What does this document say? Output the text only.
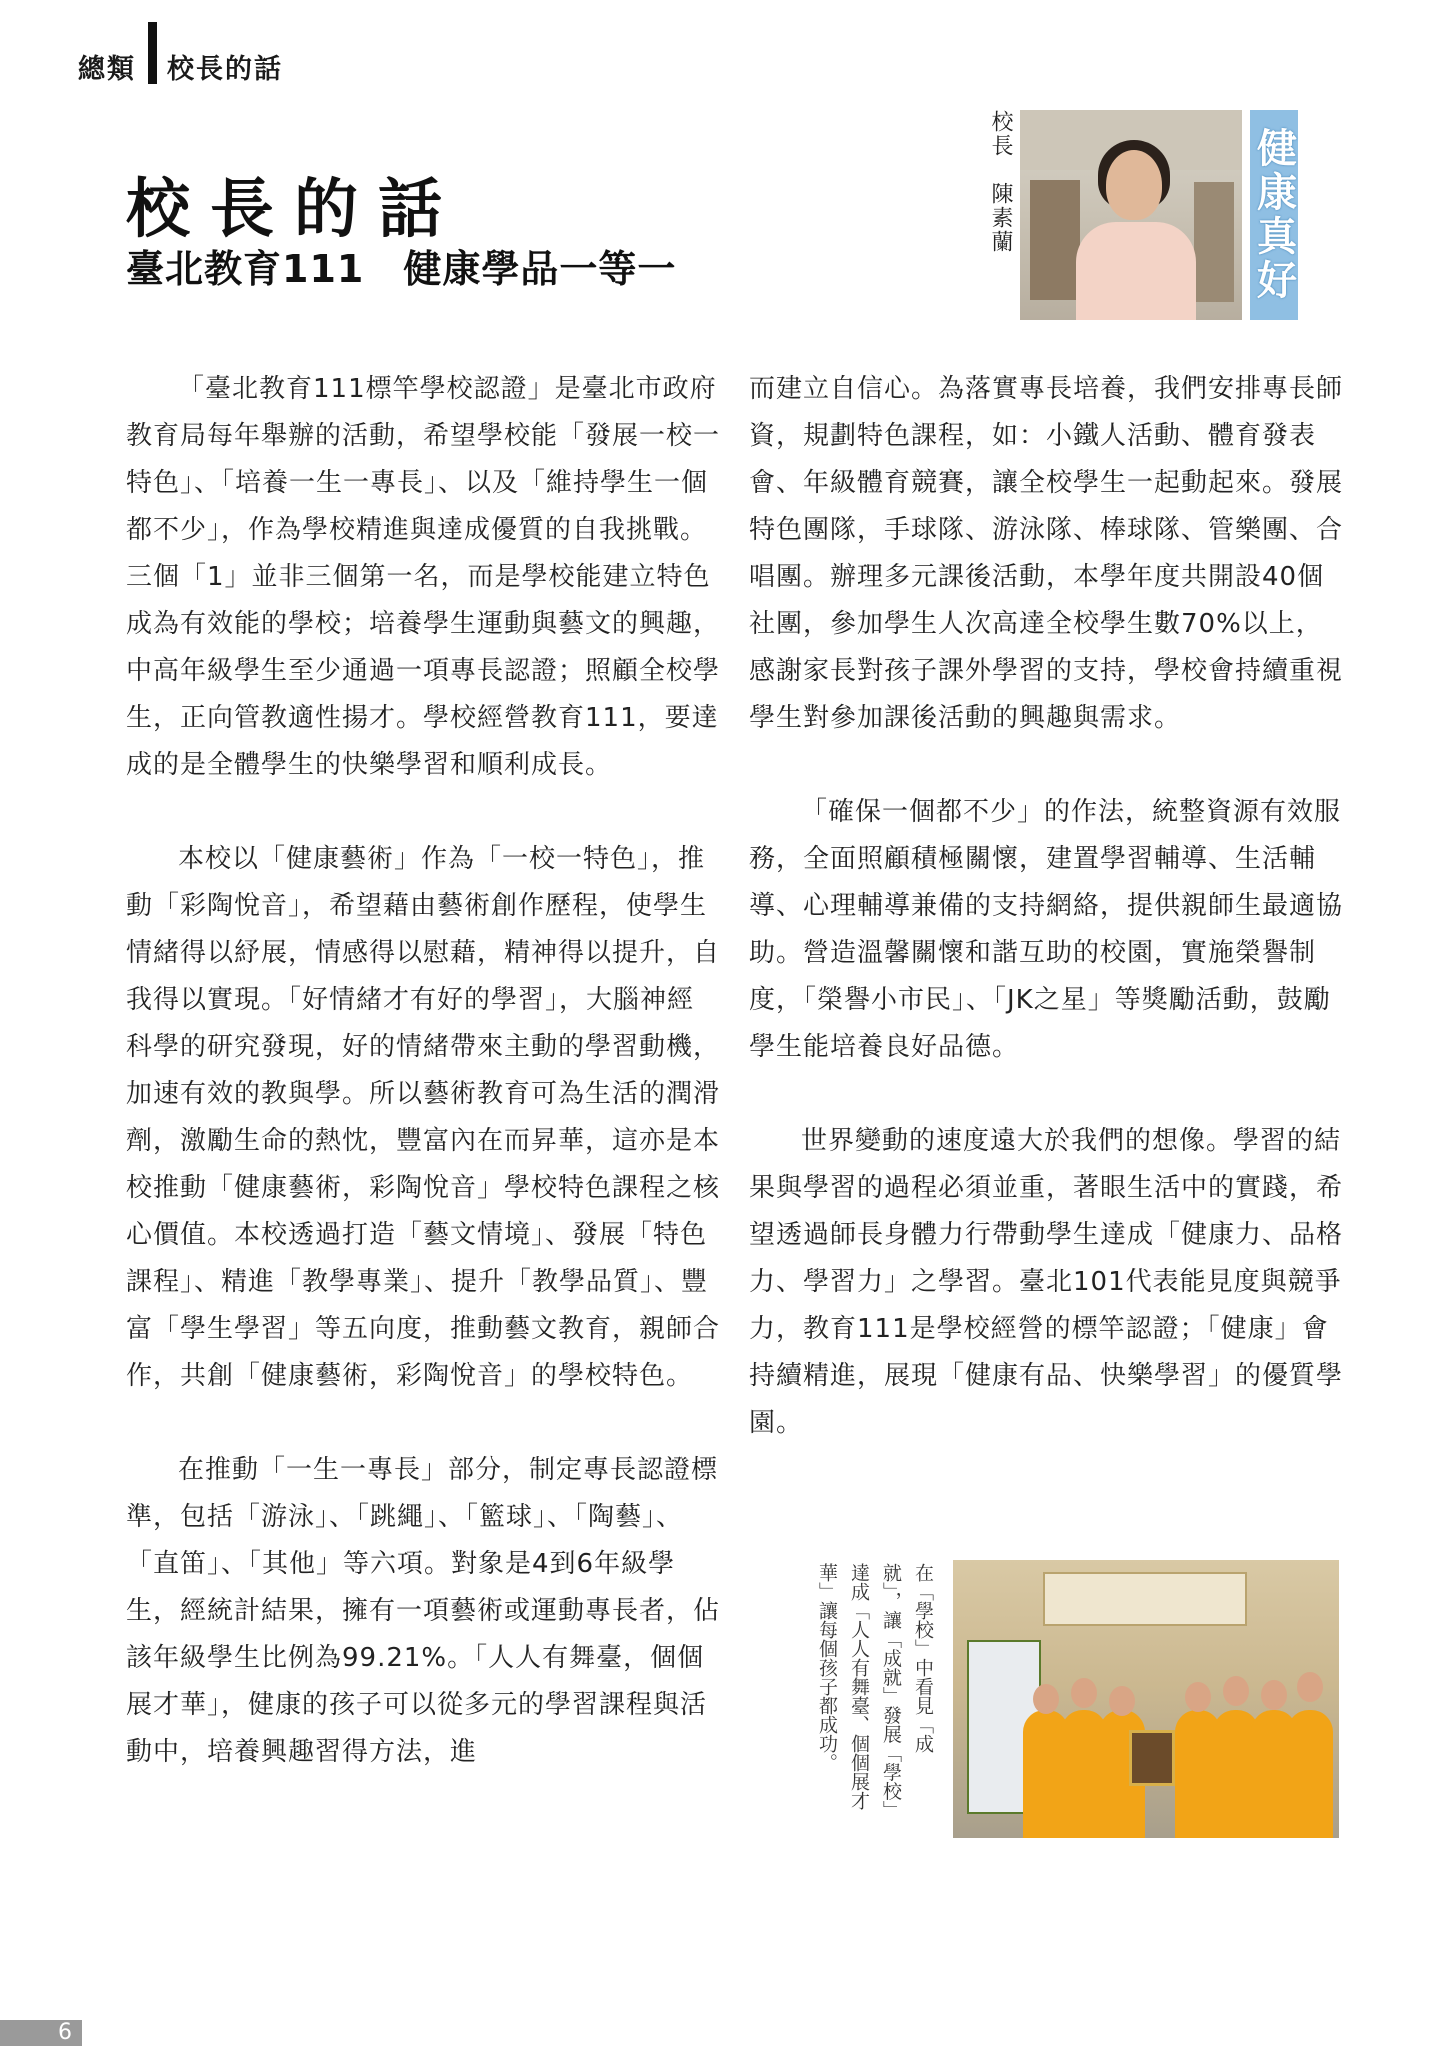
總類 校長的話
校長的話
臺北教育111　健康學品一等一
校長
陳素蘭	健康真好

「臺北教育111標竿學校認證」是臺北市政府教育局每年舉辦的活動，希望學校能「發展一校一特色」、「培養一生一專長」、以及「維持學生一個都不少」，作為學校精進與達成優質的自我挑戰。三個「1」並非三個第一名，而是學校能建立特色成為有效能的學校；培養學生運動與藝文的興趣，中高年級學生至少通過一項專長認證；照顧全校學生，正向管教適性揚才。學校經營教育111，要達成的是全體學生的快樂學習和順利成長。

本校以「健康藝術」作為「一校一特色」，推動「彩陶悅音」，希望藉由藝術創作歷程，使學生情緒得以紓展，情感得以慰藉，精神得以提升，自我得以實現。「好情緒才有好的學習」，大腦神經科學的研究發現，好的情緒帶來主動的學習動機，加速有效的教與學。所以藝術教育可為生活的潤滑劑，激勵生命的熱忱，豐富內在而昇華，這亦是本校推動「健康藝術，彩陶悅音」學校特色課程之核心價值。本校透過打造「藝文情境」、發展「特色課程」、精進「教學專業」、提升「教學品質」、豐富「學生學習」等五向度，推動藝文教育，親師合作，共創「健康藝術，彩陶悅音」的學校特色。

在推動「一生一專長」部分，制定專長認證標準，包括「游泳」、「跳繩」、「籃球」、「陶藝」、「直笛」、「其他」等六項。對象是4到6年級學生，經統計結果，擁有一項藝術或運動專長者，佔該年級學生比例為99.21%。「人人有舞臺，個個展才華」，健康的孩子可以從多元的學習課程與活動中，培養興趣習得方法，進

而建立自信心。為落實專長培養，我們安排專長師資，規劃特色課程，如：小鐵人活動、體育發表會、年級體育競賽，讓全校學生一起動起來。發展特色團隊，手球隊、游泳隊、棒球隊、管樂團、合唱團。辦理多元課後活動，本學年度共開設40個社團，參加學生人次高達全校學生數70%以上，感謝家長對孩子課外學習的支持，學校會持續重視學生對參加課後活動的興趣與需求。

「確保一個都不少」的作法，統整資源有效服務，全面照顧積極關懷，建置學習輔導、生活輔導、心理輔導兼備的支持網絡，提供親師生最適協助。營造溫馨關懷和諧互助的校園，實施榮譽制度，「榮譽小市民」、「JK之星」等獎勵活動，鼓勵學生能培養良好品德。

世界變動的速度遠大於我們的想像。學習的結果與學習的過程必須並重，著眼生活中的實踐，希望透過師長身體力行帶動學生達成「健康力、品格力、學習力」之學習。臺北101代表能見度與競爭力，教育111是學校經營的標竿認證；「健康」會持續精進，展現「健康有品、快樂學習」的優質學園。

在「學校」中看見「成
就」，讓「成就」發展「學校」
達成「人人有舞臺、個個展才
華」讓每個孩子都成功。
6
